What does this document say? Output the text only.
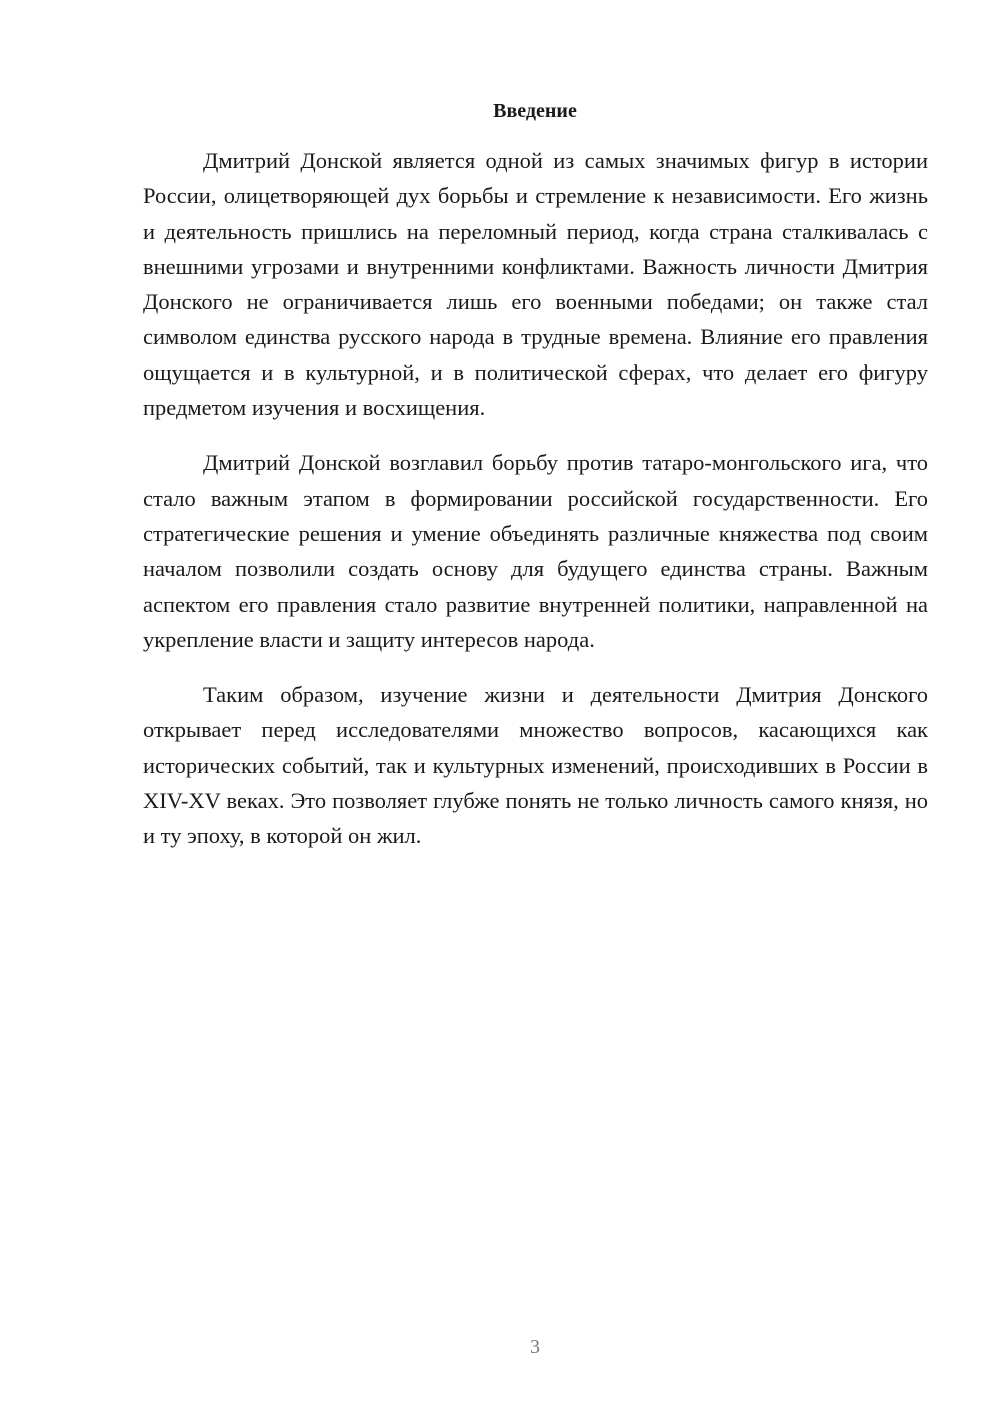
Введение

Дмитрий Донской является одной из самых значимых фигур в истории России, олицетворяющей дух борьбы и стремление к независимости. Его жизнь и деятельность пришлись на переломный период, когда страна сталкивалась с внешними угрозами и внутренними конфликтами. Важность личности Дмитрия Донского не ограничивается лишь его военными победами; он также стал символом единства русского народа в трудные времена. Влияние его правления ощущается и в культурной, и в политической сферах, что делает его фигуру предметом изучения и восхищения.

Дмитрий Донской возглавил борьбу против татаро-монгольского ига, что стало важным этапом в формировании российской государственности. Его стратегические решения и умение объединять различные княжества под своим началом позволили создать основу для будущего единства страны. Важным аспектом его правления стало развитие внутренней политики, направленной на укрепление власти и защиту интересов народа.

Таким образом, изучение жизни и деятельности Дмитрия Донского открывает перед исследователями множество вопросов, касающихся как исторических событий, так и культурных изменений, происходивших в России в XIV-XV веках. Это позволяет глубже понять не только личность самого князя, но и ту эпоху, в которой он жил.

3
